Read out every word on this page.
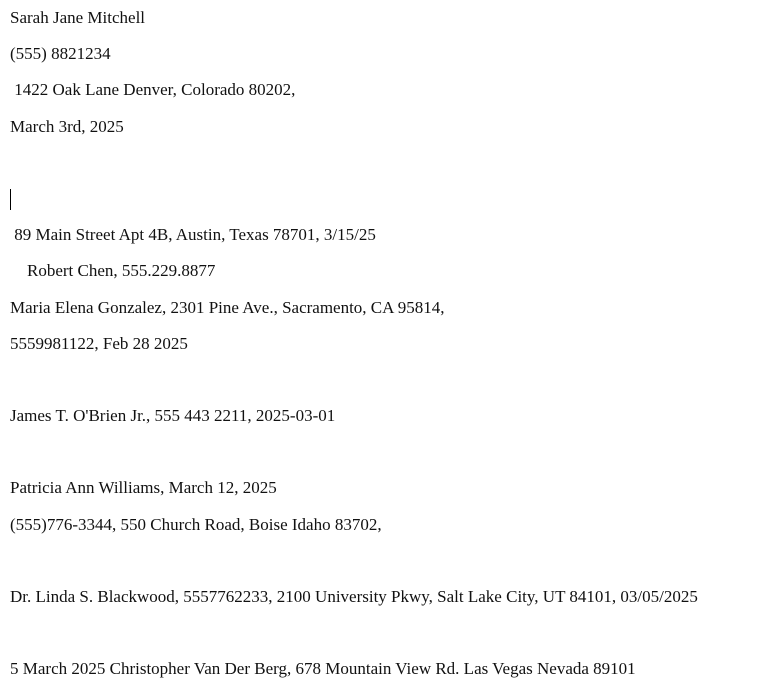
Sarah Jane Mitchell
(555) 8821234
1422 Oak Lane Denver, Colorado 80202,
March 3rd, 2025

Robert Chen, 555.229.8877

89 Main Street Apt 4B, Austin, Texas 78701, 3/15/25
Maria Elena Gonzalez, 2301 Pine Ave., Sacramento, CA 95814,
5559981122, Feb 28 2025
James T. O'Brien Jr., 555 443 2211, 2025-03-01
Patricia Ann Williams, March 12, 2025
(555)776-3344, 550 Church Road, Boise Idaho 83702,
Dr. Linda S. Blackwood, 5557762233, 2100 University Pkwy, Salt Lake City, UT 84101, 03/05/2025
5 March 2025 Christopher Van Der Berg, 678 Mountain View Rd. Las Vegas Nevada 89101
